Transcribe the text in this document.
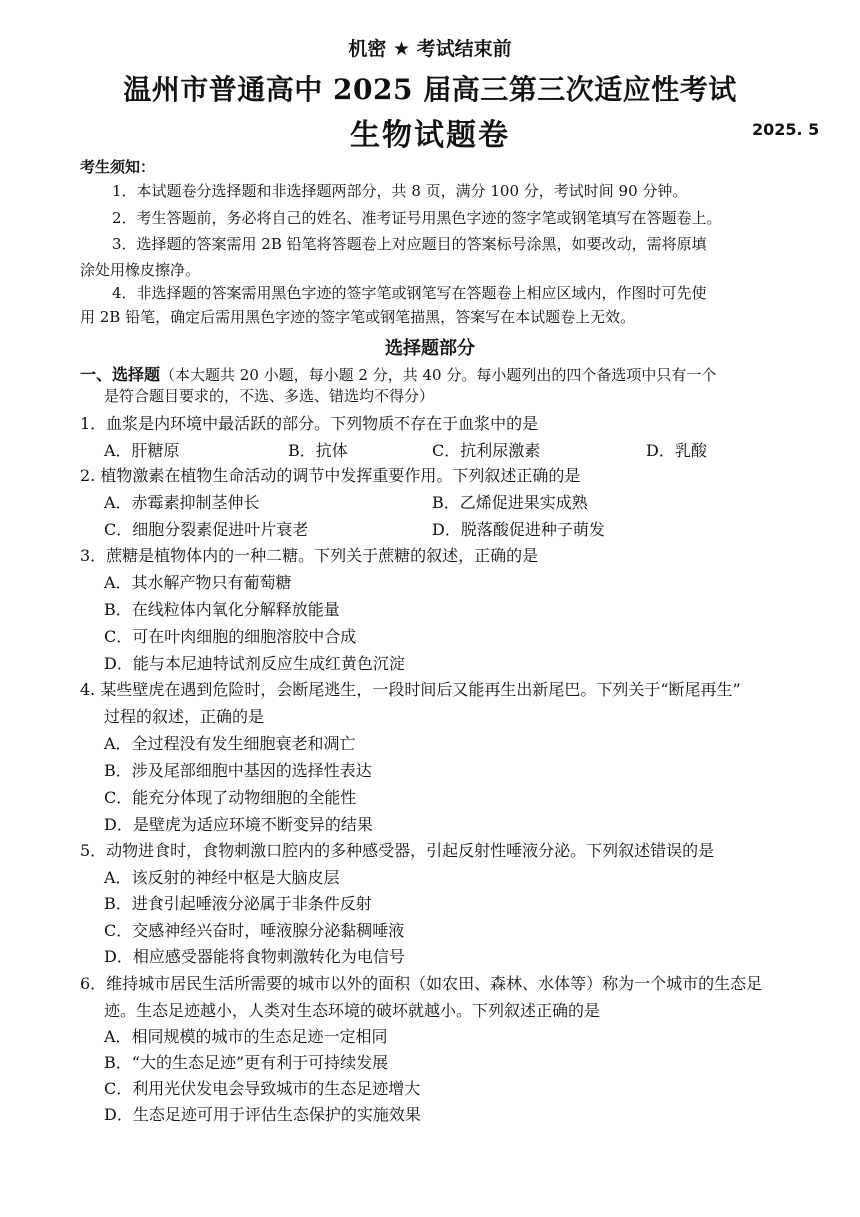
机密 ★ 考试结束前
温州市普通高中 2025 届高三第三次适应性考试
生物试题卷	2025. 5
考生须知：
1．本试题卷分选择题和非选择题两部分，共 8 页，满分 100 分，考试时间 90 分钟。
2．考生答题前，务必将自己的姓名、准考证号用黑色字迹的签字笔或钢笔填写在答题卷上。
3．选择题的答案需用 2B 铅笔将答题卷上对应题目的答案标号涂黑，如要改动，需将原填
涂处用橡皮擦净。
4．非选择题的答案需用黑色字迹的签字笔或钢笔写在答题卷上相应区域内，作图时可先使
用 2B 铅笔，确定后需用黑色字迹的签字笔或钢笔描黑，答案写在本试题卷上无效。
选择题部分
一、选择题（本大题共 20 小题，每小题 2 分，共 40 分。每小题列出的四个备选项中只有一个
是符合题目要求的，不选、多选、错选均不得分）
1．血浆是内环境中最活跃的部分。下列物质不存在于血浆中的是
A．肝糖原	B．抗体	C．抗利尿激素	D．乳酸
2. 植物激素在植物生命活动的调节中发挥重要作用。下列叙述正确的是
A．赤霉素抑制茎伸长	B．乙烯促进果实成熟
C．细胞分裂素促进叶片衰老	D．脱落酸促进种子萌发
3．蔗糖是植物体内的一种二糖。下列关于蔗糖的叙述，正确的是
A．其水解产物只有葡萄糖
B．在线粒体内氧化分解释放能量
C．可在叶肉细胞的细胞溶胶中合成
D．能与本尼迪特试剂反应生成红黄色沉淀
4. 某些壁虎在遇到危险时，会断尾逃生，一段时间后又能再生出新尾巴。下列关于“断尾再生”
过程的叙述，正确的是
A．全过程没有发生细胞衰老和凋亡
B．涉及尾部细胞中基因的选择性表达
C．能充分体现了动物细胞的全能性
D．是壁虎为适应环境不断变异的结果
5．动物进食时，食物刺激口腔内的多种感受器，引起反射性唾液分泌。下列叙述错误的是
A．该反射的神经中枢是大脑皮层
B．进食引起唾液分泌属于非条件反射
C．交感神经兴奋时，唾液腺分泌黏稠唾液
D．相应感受器能将食物刺激转化为电信号
6．维持城市居民生活所需要的城市以外的面积（如农田、森林、水体等）称为一个城市的生态足
迹。生态足迹越小，人类对生态环境的破坏就越小。下列叙述正确的是
A．相同规模的城市的生态足迹一定相同
B．“大的生态足迹”更有利于可持续发展
C．利用光伏发电会导致城市的生态足迹增大
D．生态足迹可用于评估生态保护的实施效果
